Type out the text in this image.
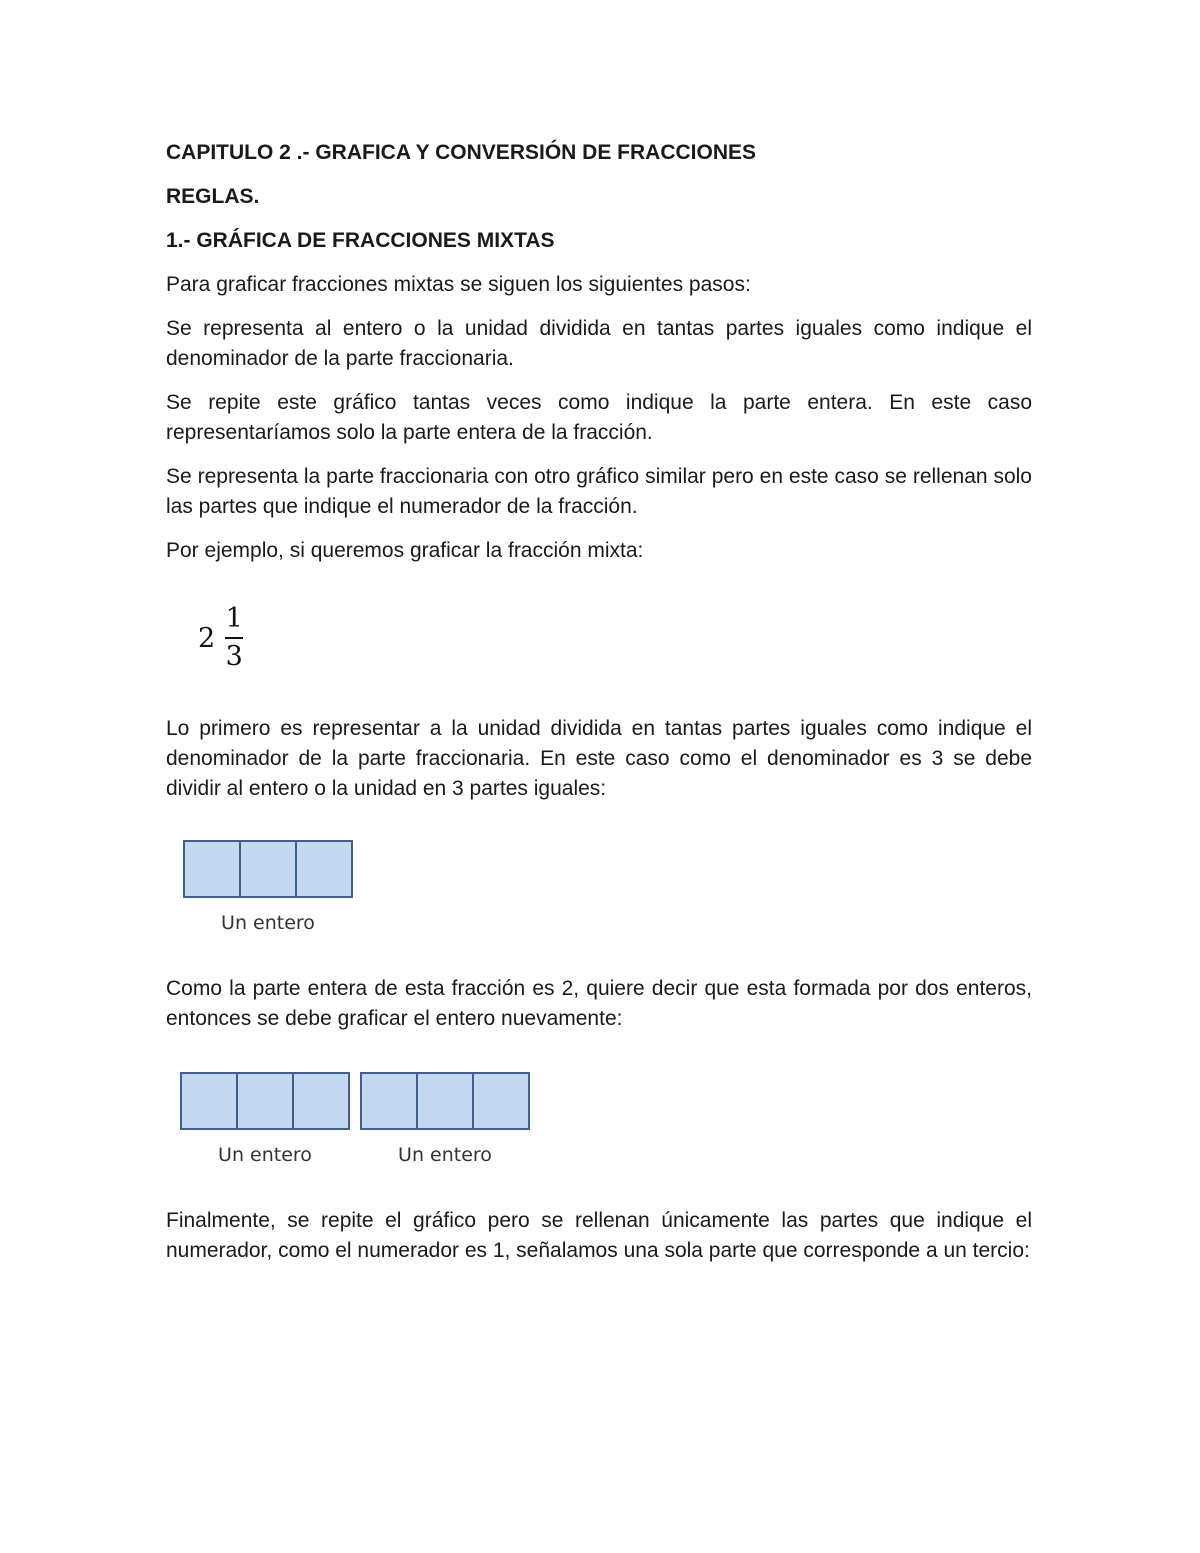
CAPITULO 2 .- GRAFICA Y CONVERSIÓN DE FRACCIONES
REGLAS.
1.- GRÁFICA DE FRACCIONES MIXTAS

Para graficar fracciones mixtas se siguen los siguientes pasos:

Se representa al entero o la unidad dividida en tantas partes iguales como indique el denominador de la parte fraccionaria.

Se repite este gráfico tantas veces como indique la parte entera. En este caso representaríamos solo la parte entera de la fracción.

Se representa la parte fraccionaria con otro gráfico similar pero en este caso se rellenan solo las partes que indique el numerador de la fracción.

Por ejemplo, si queremos graficar la fracción mixta:

$2 \frac{1}{3}$

Lo primero es representar a la unidad dividida en tantas partes iguales como indique el denominador de la parte fraccionaria. En este caso como el denominador es 3 se debe dividir al entero o la unidad en 3 partes iguales:

Un entero

Como la parte entera de esta fracción es 2, quiere decir que esta formada por dos enteros, entonces se debe graficar el entero nuevamente:

Un entero	Un entero

Finalmente, se repite el gráfico pero se rellenan únicamente las partes que indique el numerador, como el numerador es 1, señalamos una sola parte que corresponde a un tercio:
